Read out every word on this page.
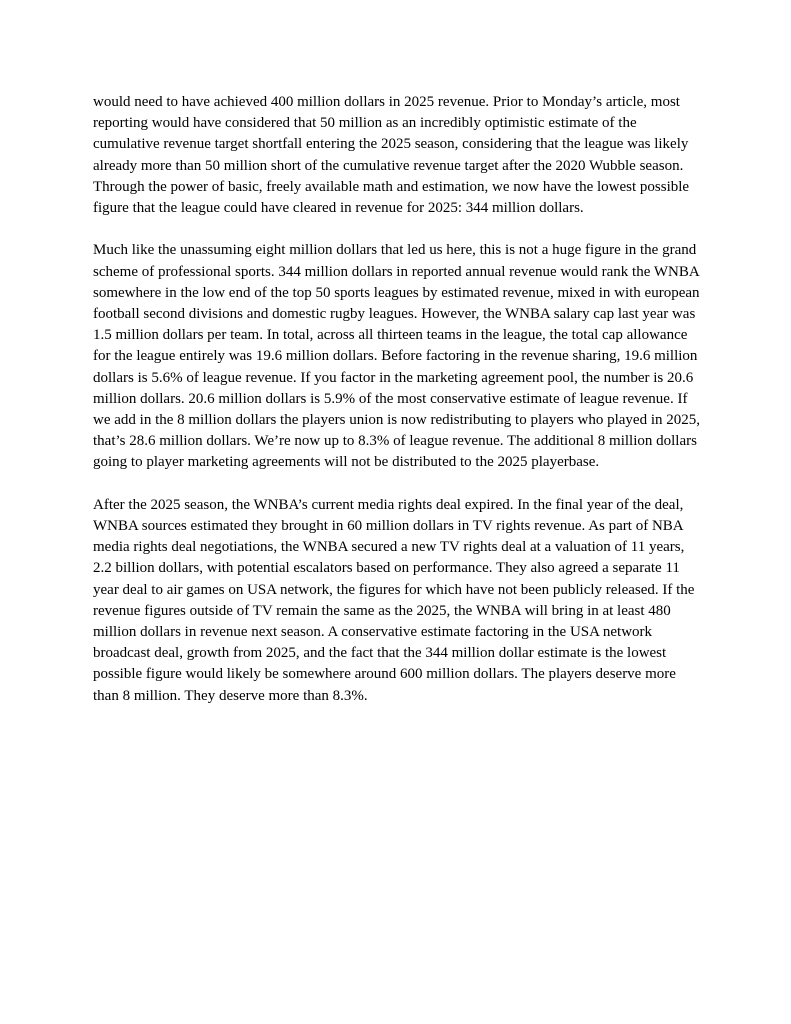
would need to have achieved 400 million dollars in 2025 revenue. Prior to Monday’s article, most reporting would have considered that 50 million as an incredibly optimistic estimate of the cumulative revenue target shortfall entering the 2025 season, considering that the league was likely already more than 50 million short of the cumulative revenue target after the 2020 Wubble season. Through the power of basic, freely available math and estimation, we now have the lowest possible figure that the league could have cleared in revenue for 2025: 344 million dollars.

Much like the unassuming eight million dollars that led us here, this is not a huge figure in the grand scheme of professional sports. 344 million dollars in reported annual revenue would rank the WNBA somewhere in the low end of the top 50 sports leagues by estimated revenue, mixed in with european football second divisions and domestic rugby leagues. However, the WNBA salary cap last year was 1.5 million dollars per team. In total, across all thirteen teams in the league, the total cap allowance for the league entirely was 19.6 million dollars. Before factoring in the revenue sharing, 19.6 million dollars is 5.6% of league revenue. If you factor in the marketing agreement pool, the number is 20.6 million dollars. 20.6 million dollars is 5.9% of the most conservative estimate of league revenue. If we add in the 8 million dollars the players union is now redistributing to players who played in 2025, that’s 28.6 million dollars. We’re now up to 8.3% of league revenue. The additional 8 million dollars going to player marketing agreements will not be distributed to the 2025 playerbase.

After the 2025 season, the WNBA’s current media rights deal expired. In the final year of the deal, WNBA sources estimated they brought in 60 million dollars in TV rights revenue. As part of NBA media rights deal negotiations, the WNBA secured a new TV rights deal at a valuation of 11 years, 2.2 billion dollars, with potential escalators based on performance. They also agreed a separate 11 year deal to air games on USA network, the figures for which have not been publicly released. If the revenue figures outside of TV remain the same as the 2025, the WNBA will bring in at least 480 million dollars in revenue next season. A conservative estimate factoring in the USA network broadcast deal, growth from 2025, and the fact that the 344 million dollar estimate is the lowest possible figure would likely be somewhere around 600 million dollars. The players deserve more than 8 million. They deserve more than 8.3%.
